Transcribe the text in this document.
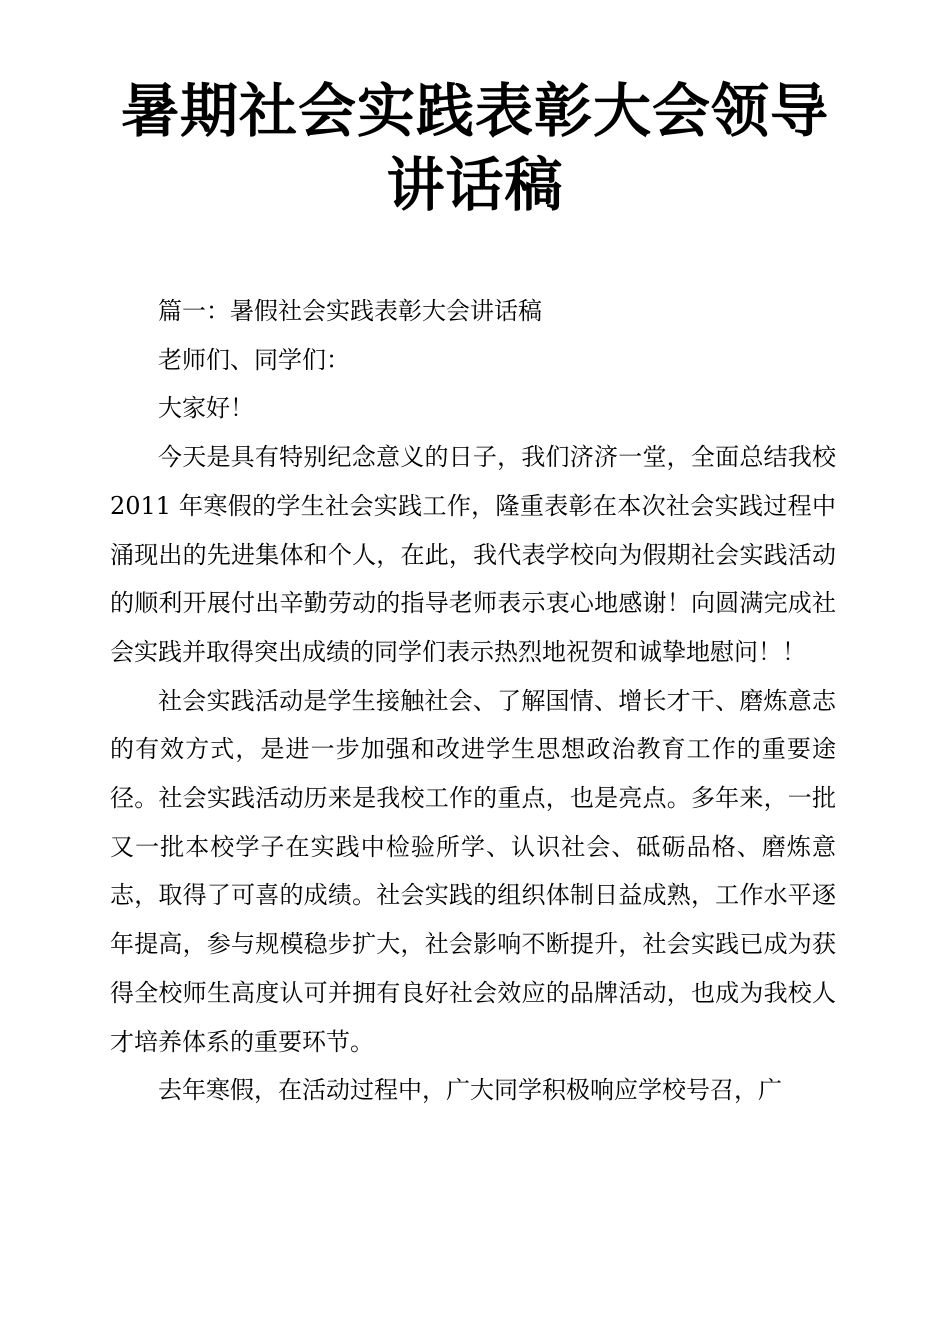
暑期社会实践表彰大会领导
讲话稿

篇一：暑假社会实践表彰大会讲话稿

老师们、同学们：

大家好！

今天是具有特别纪念意义的日子，我们济济一堂，全面总结我校 2011 年寒假的学生社会实践工作，隆重表彰在本次社会实践过程中涌现出的先进集体和个人，在此，我代表学校向为假期社会实践活动的顺利开展付出辛勤劳动的指导老师表示衷心地感谢！向圆满完成社会实践并取得突出成绩的同学们表示热烈地祝贺和诚挚地慰问！！

社会实践活动是学生接触社会、了解国情、增长才干、磨炼意志的有效方式，是进一步加强和改进学生思想政治教育工作的重要途径。社会实践活动历来是我校工作的重点，也是亮点。多年来，一批又一批本校学子在实践中检验所学、认识社会、砥砺品格、磨炼意志，取得了可喜的成绩。社会实践的组织体制日益成熟，工作水平逐年提高，参与规模稳步扩大，社会影响不断提升，社会实践已成为获得全校师生高度认可并拥有良好社会效应的品牌活动，也成为我校人才培养体系的重要环节。

去年寒假，在活动过程中，广大同学积极响应学校号召，广
